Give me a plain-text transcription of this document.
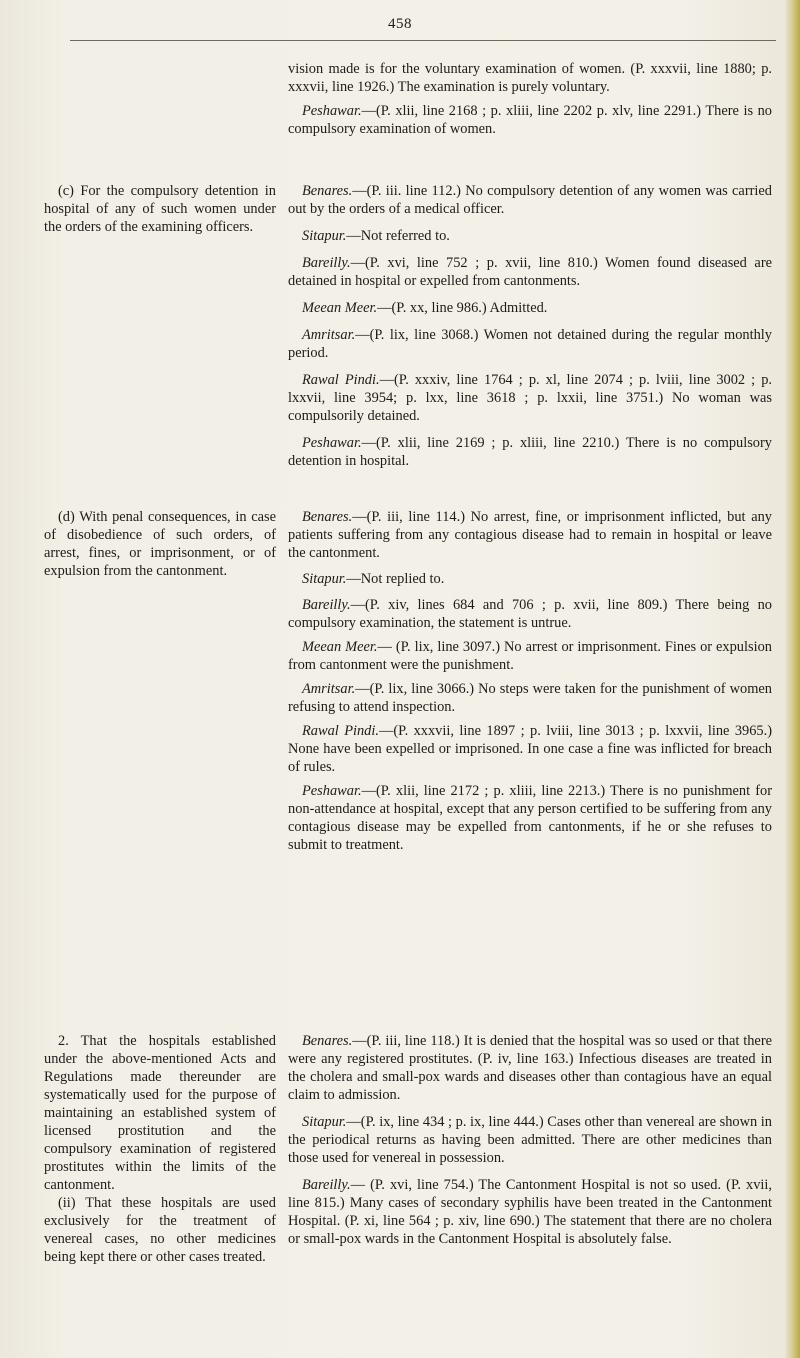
458

vision made is for the voluntary examination of women. (P. xxxvii, line 1880; p. xxxvii, line 1926.) The examination is purely voluntary.

Peshawar.—(P. xlii, line 2168 ; p. xliii, line 2202 p. xlv, line 2291.) There is no compulsory examination of women.

(c) For the compulsory detention in hospital of any of such women under the orders of the examining officers.

Benares.—(P. iii. line 112.) No compulsory detention of any women was carried out by the orders of a medical officer.

Sitapur.—Not referred to.

Bareilly.—(P. xvi, line 752 ; p. xvii, line 810.) Women found diseased are detained in hospital or expelled from cantonments.

Meean Meer.—(P. xx, line 986.) Admitted.

Amritsar.—(P. lix, line 3068.) Women not detained during the regular monthly period.

Rawal Pindi.—(P. xxxiv, line 1764 ; p. xl, line 2074 ; p. lviii, line 3002 ; p. lxxvii, line 3954; p. lxx, line 3618 ; p. lxxii, line 3751.) No woman was compulsorily detained.

Peshawar.—(P. xlii, line 2169 ; p. xliii, line 2210.) There is no compulsory detention in hospital.

(d) With penal consequences, in case of disobedience of such orders, of arrest, fines, or imprisonment, or of expulsion from the cantonment.

Benares.—(P. iii, line 114.) No arrest, fine, or imprisonment inflicted, but any patients suffering from any contagious disease had to remain in hospital or leave the cantonment.

Sitapur.—Not replied to.

Bareilly.—(P. xiv, lines 684 and 706 ; p. xvii, line 809.) There being no compulsory examination, the statement is untrue.

Meean Meer.— (P. lix, line 3097.) No arrest or imprisonment. Fines or expulsion from cantonment were the punishment.

Amritsar.—(P. lix, line 3066.) No steps were taken for the punishment of women refusing to attend inspection.

Rawal Pindi.—(P. xxxvii, line 1897 ; p. lviii, line 3013 ; p. lxxvii, line 3965.) None have been expelled or imprisoned. In one case a fine was inflicted for breach of rules.

Peshawar.—(P. xlii, line 2172 ; p. xliii, line 2213.) There is no punishment for non-attendance at hospital, except that any person certified to be suffering from any contagious disease may be expelled from cantonments, if he or she refuses to submit to treatment.

2. That the hospitals established under the above-mentioned Acts and Regulations made thereunder are systematically used for the purpose of maintaining an established system of licensed prostitution and the compulsory examination of registered prostitutes within the limits of the cantonment.

(ii) That these hospitals are used exclusively for the treatment of venereal cases, no other medicines being kept there or other cases treated.

Benares.—(P. iii, line 118.) It is denied that the hospital was so used or that there were any registered prostitutes. (P. iv, line 163.) Infectious diseases are treated in the cholera and small-pox wards and diseases other than contagious have an equal claim to admission.

Sitapur.—(P. ix, line 434 ; p. ix, line 444.) Cases other than venereal are shown in the periodical returns as having been admitted. There are other medicines than those used for venereal in possession.

Bareilly.— (P. xvi, line 754.) The Cantonment Hospital is not so used. (P. xvii, line 815.) Many cases of secondary syphilis have been treated in the Cantonment Hospital. (P. xi, line 564 ; p. xiv, line 690.) The statement that there are no cholera or small-pox wards in the Cantonment Hospital is absolutely false.
